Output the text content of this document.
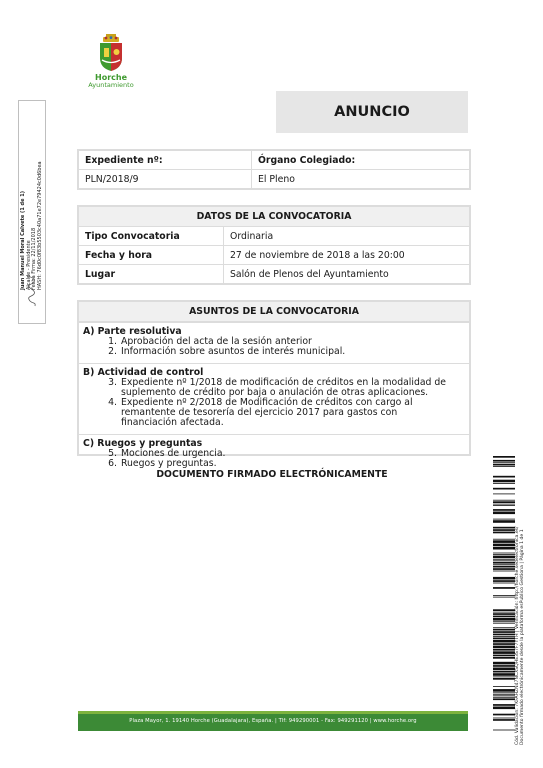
Horche
Ayuntamiento
Juan Manuel Moral Calvete (1 de 1) Alcalde - Presidente Fecha Firma: 22/11/2018 HASH: 76d0c0f83b5503c40a71e72e79424c0d6bea
ANUNCIO
Expediente nº:	Órgano Colegiado:
PLN/2018/9	El Pleno
DATOS DE LA CONVOCATORIA
Tipo Convocatoria	Ordinaria
Fecha y hora	27 de noviembre de 2018 a las 20:00
Lugar	Salón de Plenos del Ayuntamiento
ASUNTOS DE LA CONVOCATORIA
A) Parte resolutiva
1. Aprobación del acta de la sesión anterior
2. Información sobre asuntos de interés municipal.
B) Actividad de control
3. Expediente nº 1/2018 de modificación de créditos en la modalidad de suplemento de crédito por baja o anulación de otras aplicaciones.
4. Expediente nº 2/2018 de Modificación de créditos con cargo al remantente de tesorería del ejercicio 2017 para gastos con financiación afectada.
C) Ruegos y preguntas
5. Mociones de urgencia.
6. Ruegos y preguntas.
DOCUMENTO FIRMADO ELECTRÓNICAMENTE
Cód. Validación: 7KFAHZN47NCXSQHE3S7F7YTH | Verificación: http://horche.sedelectronica.es/ Documento firmado electrónicamente desde la plataforma esPublico Gestiona | Página 1 de 1
Plaza Mayor, 1. 19140 Horche (Guadalajara), España. | Tlf: 949290001 - Fax: 949291120 | www.horche.org
